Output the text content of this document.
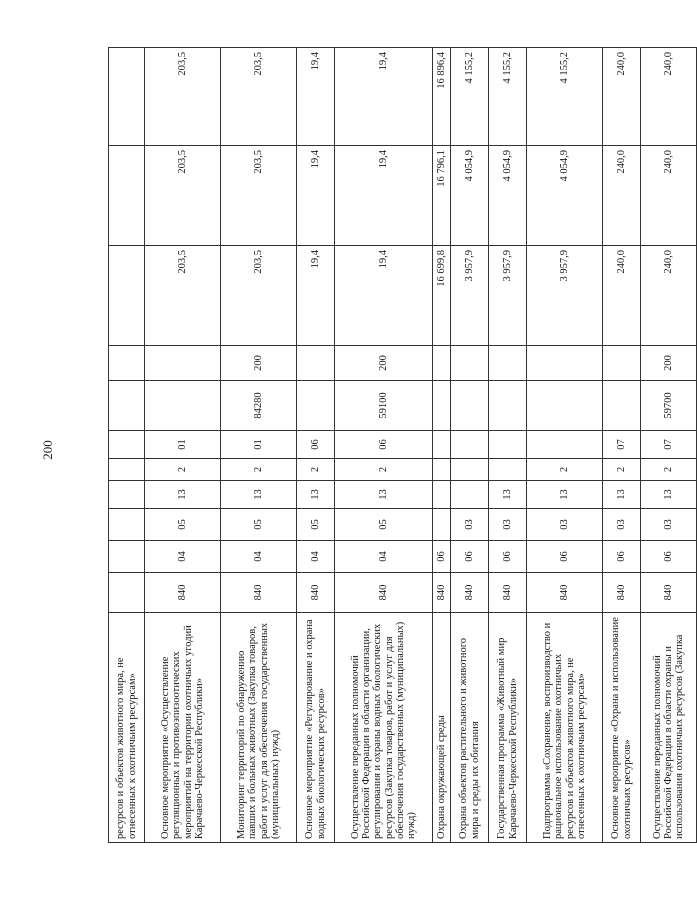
200
ресурсов и объектов животного мира, не отнесенных к охотничьим ресурсам»											
Основное мероприятие «Осуществление регуляционных и противоэпизоотических мероприятий на территории охотничьих угодий Карачаево-Черкесской Республики»	840	04	05	13	2	01			203,5	203,5	203,5
Мониторинг территорий по обнаружению павших и больных животных (Закупка товаров, работ и услуг для обеспечения государственных (муниципальных) нужд)	840	04	05	13	2	01	84280	200	203,5	203,5	203,5
Основное мероприятие «Регулирование и охрана водных биологических ресурсов»	840	04	05	13	2	06			19,4	19,4	19,4
Осуществление переданных полномочий Российской Федерации в области организации, регулирования и охраны водных биологических ресурсов (Закупка товаров, работ и услуг для обеспечения государственных (муниципальных) нужд)	840	04	05	13	2	06	59100	200	19,4	19,4	19,4
Охрана окружающей среды	840	06							16 699,8	16 796,1	16 896,4
Охрана объектов растительного и животного мира и среды их обитания	840	06	03						3 957,9	4 054,9	4 155,2
Государственная программа «Животный мир Карачаево-Черкесской Республики»	840	06	03	13					3 957,9	4 054,9	4 155,2
Подпрограмма «Сохранение, воспроизводство и рациональное использование охотничьих ресурсов и объектов животного мира, не отнесенных к охотничьим ресурсам»	840	06	03	13	2				3 957,9	4 054,9	4 155,2
Основное мероприятие «Охрана и использование охотничьих ресурсов»	840	06	03	13	2	07			240,0	240,0	240,0
Осуществление переданных полномочий Российской Федерации в области охраны и использования охотничьих ресурсов (Закупка	840	06	03	13	2	07	59700	200	240,0	240,0	240,0
